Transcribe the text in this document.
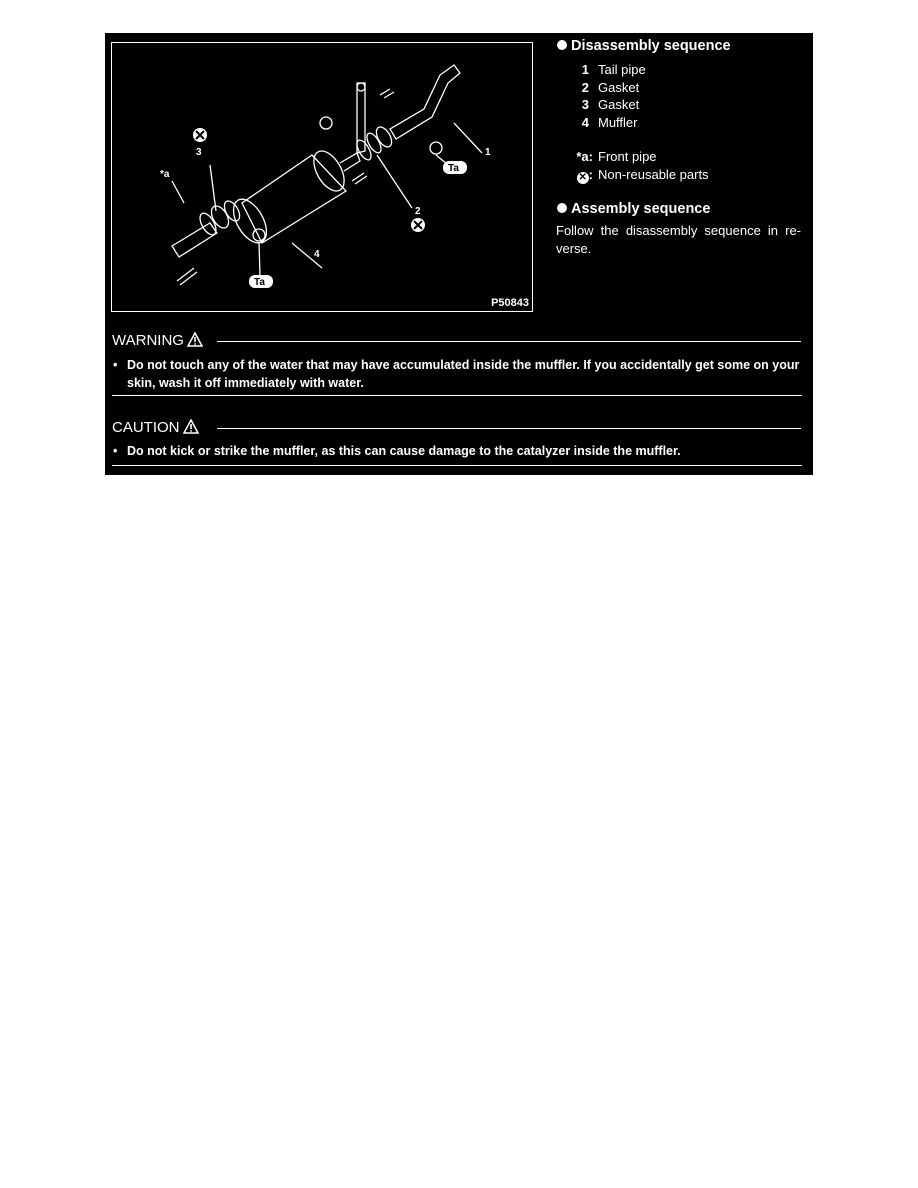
1
2
3
4
*a
Ta
Ta
P50843
Disassembly sequence
1 Tail pipe
2 Gasket
3 Gasket
4 Muffler
*a: Front pipe
✕ : Non-reusable parts
Assembly sequence
Follow the disassembly sequence in re-verse.
WARNING
• Do not touch any of the water that may have accumulated inside the muffler. If you accidentally get some on your skin, wash it off immediately with water.
CAUTION
• Do not kick or strike the muffler, as this can cause damage to the catalyzer inside the muffler.
